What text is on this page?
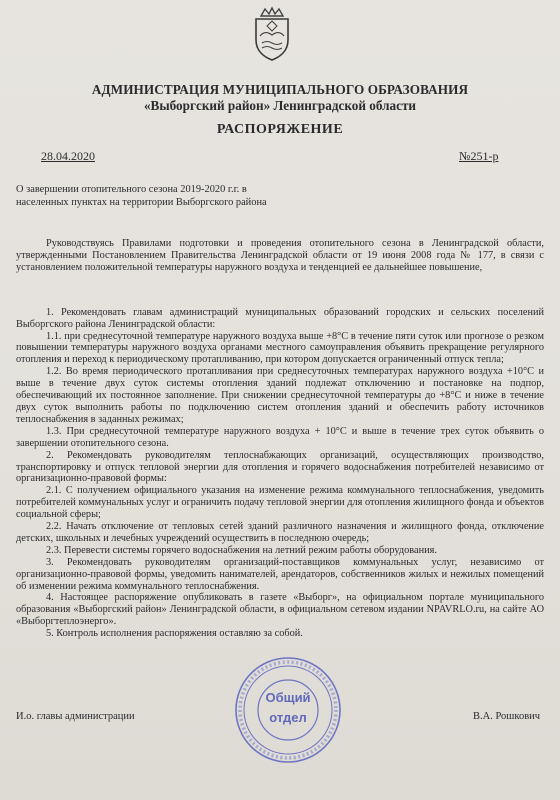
АДМИНИСТРАЦИЯ МУНИЦИПАЛЬНОГО ОБРАЗОВАНИЯ
«Выборгский район» Ленинградской области
РАСПОРЯЖЕНИЕ
28.04.2020	№251-р
О завершении отопительного сезона 2019-2020 г.г. в населенных пунктах на территории Выборгского района

Руководствуясь Правилами подготовки и проведения отопительного сезона в Ленинградской области, утвержденными Постановлением Правительства Ленинградской области от 19 июня 2008 года № 177, в связи с установлением положительной температуры наружного воздуха и тенденцией ее дальнейшее повышение,

1. Рекомендовать главам администраций муниципальных образований городских и сельских поселений Выборгского района Ленинградской области:

1.1. при среднесуточной температуре наружного воздуха выше +8°С в течение пяти суток или прогнозе о резком повышении температуры наружного воздуха органами местного самоуправления объявить прекращение регулярного отопления и переход к периодическому протапливанию, при котором допускается ограниченный отпуск тепла;

1.2. Во время периодического протапливания при среднесуточных температурах наружного воздуха +10°С и выше в течение двух суток системы отопления зданий подлежат отключению и постановке на подпор, обеспечивающий их постоянное заполнение. При снижении среднесуточной температуры до +8°С и ниже в течение двух суток выполнить работы по подключению систем отопления зданий и обеспечить работу источников теплоснабжения в заданных режимах;

1.3. При среднесуточной температуре наружного воздуха + 10°С и выше в течение трех суток объявить о завершении отопительного сезона.

2. Рекомендовать руководителям теплоснабжающих организаций, осуществляющих производство, транспортировку и отпуск тепловой энергии для отопления и горячего водоснабжения потребителей независимо от организационно-правовой формы:

2.1. С получением официального указания на изменение режима коммунального теплоснабжения, уведомить потребителей коммунальных услуг и ограничить подачу тепловой энергии для отопления жилищного фонда и объектов социальной сферы;

2.2. Начать отключение от тепловых сетей зданий различного назначения и жилищного фонда, отключение детских, школьных и лечебных учреждений осуществить в последнюю очередь;

2.3. Перевести системы горячего водоснабжения на летний режим работы оборудования.

3. Рекомендовать руководителям организаций-поставщиков коммунальных услуг, независимо от организационно-правовой формы, уведомить нанимателей, арендаторов, собственников жилых и нежилых помещений об изменении режима коммунального теплоснабжения.

4. Настоящее распоряжение опубликовать в газете «Выборг», на официальном портале муниципального образования «Выборгский район» Ленинградской области, в официальном сетевом издании NPAVRLO.ru, на сайте АО «Выборгтеплоэнерго».

5. Контроль исполнения распоряжения оставляю за собой.

Общий
отдел
И.о. главы администрации	В.А. Рошкович
